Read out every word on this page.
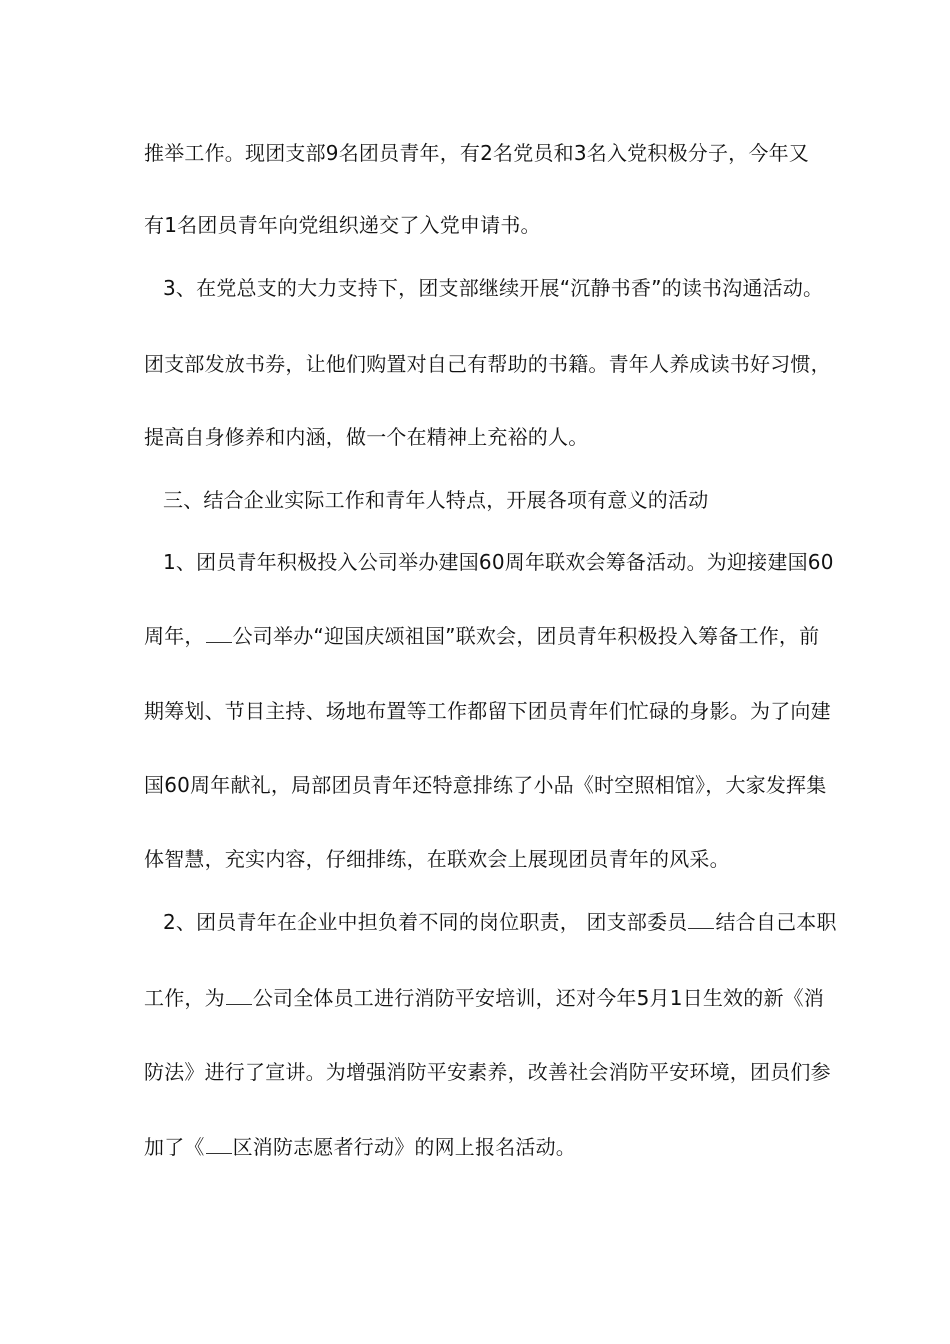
推举工作。现团支部9名团员青年，有2名党员和3名入党积极分子，今年又
有1名团员青年向党组织递交了入党申请书。
3、在党总支的大力支持下，团支部继续开展“沉静书香”的读书沟通活动。
团支部发放书券，让他们购置对自己有帮助的书籍。青年人养成读书好习惯，
提高自身修养和内涵，做一个在精神上充裕的人。
三、结合企业实际工作和青年人特点，开展各项有意义的活动
1、团员青年积极投入公司举办建国60周年联欢会筹备活动。为迎接建国60
周年， 公司举办“迎国庆颂祖国”联欢会，团员青年积极投入筹备工作，前
期筹划、节目主持、场地布置等工作都留下团员青年们忙碌的身影。为了向建
国60周年献礼，局部团员青年还特意排练了小品《时空照相馆》，大家发挥集
体智慧，充实内容，仔细排练，在联欢会上展现团员青年的风采。
2、团员青年在企业中担负着不同的岗位职责， 团支部委员 结合自己本职
工作，为 公司全体员工进行消防平安培训，还对今年5月1日生效的新《消
防法》进行了宣讲。为增强消防平安素养，改善社会消防平安环境，团员们参
加了《 区消防志愿者行动》的网上报名活动。
